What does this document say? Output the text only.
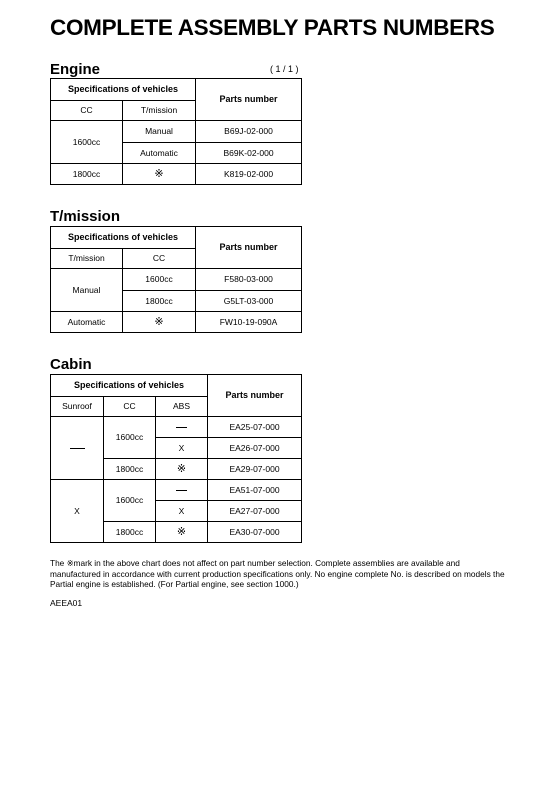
COMPLETE ASSEMBLY PARTS NUMBERS
Engine	( 1 / 1 )
Specifications of vehicles		Parts number
CC	T/mission	
1600cc	Manual	B69J-02-000
	Automatic	B69K-02-000
1800cc	※	K819-02-000
T/mission
Specifications of vehicles		Parts number
T/mission	CC	
Manual	1600cc	F580-03-000
	1800cc	G5LT-03-000
Automatic	※	FW10-19-090A
Cabin
Specifications of vehicles			Parts number
Sunroof	CC	ABS	
	1600cc		EA25-07-000
		X	EA26-07-000
	1800cc	※	EA29-07-000
X	1600cc		EA51-07-000
		X	EA27-07-000
	1800cc	※	EA30-07-000
The ※mark in the above chart does not affect on part number selection. Complete assemblies are available and manufactured in accordance with current production specifications only. No engine complete No. is described on models the Partial engine is established. (For Partial engine, see section 1000.)
AEEA01
